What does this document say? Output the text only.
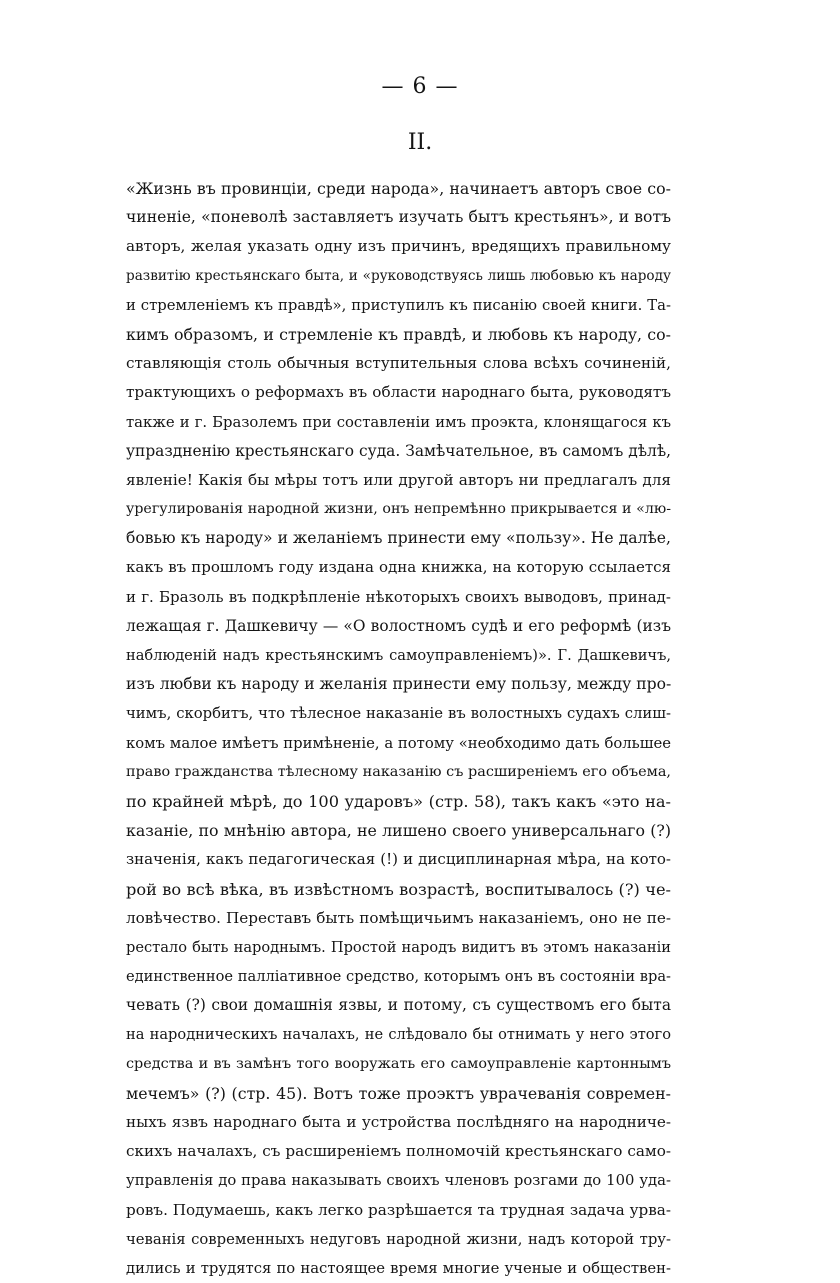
— 6 —
II.
«Жизнь въ провинціи, среди народа», начинаетъ авторъ свое со-
чиненіе, «поневолѣ заставляетъ изучать бытъ крестьянъ», и вотъ
авторъ, желая указать одну изъ причинъ, вредящихъ правильному
развитію крестьянскаго быта, и «руководствуясь лишь любовью къ народу
и стремленіемъ къ правдѣ», приступилъ къ писанію своей книги. Та-
кимъ образомъ, и стремленіе къ правдѣ, и любовь къ народу, со-
ставляющія столь обычныя вступительныя слова всѣхъ сочиненій,
трактующихъ о реформахъ въ области народнаго быта, руководятъ
также и г. Бразолемъ при составленіи имъ проэкта, клонящагося къ
упраздненію крестьянскаго суда. Замѣчательное, въ самомъ дѣлѣ,
явленіе! Какія бы мѣры тотъ или другой авторъ ни предлагалъ для
урегулированія народной жизни, онъ непремѣнно прикрывается и «лю-
бовью къ народу» и желаніемъ принести ему «пользу». Не далѣе,
какъ въ прошломъ году издана одна книжка, на которую ссылается
и г. Бразоль въ подкрѣпленіе нѣкоторыхъ своихъ выводовъ, принад-
лежащая г. Дашкевичу — «О волостномъ судѣ и его реформѣ (изъ
наблюденій надъ крестьянскимъ самоуправленіемъ)». Г. Дашкевичъ,
изъ любви къ народу и желанія принести ему пользу, между про-
чимъ, скорбитъ, что тѣлесное наказаніе въ волостныхъ судахъ слиш-
комъ малое имѣетъ примѣненіе, а потому «необходимо дать большее
право гражданства тѣлесному наказанію съ расширеніемъ его объема,
по крайней мѣрѣ, до 100 ударовъ» (стр. 58), такъ какъ «это на-
казаніе, по мнѣнію автора, не лишено своего универсальнаго (?)
значенія, какъ педагогическая (!) и дисциплинарная мѣра, на кото-
рой во всѣ вѣка, въ извѣстномъ возрастѣ, воспитывалось (?) че-
ловѣчество. Переставъ быть помѣщичьимъ наказаніемъ, оно не пе-
рестало быть народнымъ. Простой народъ видитъ въ этомъ наказаніи
единственное палліативное средство, которымъ онъ въ состояніи вра-
чевать (?) свои домашнія язвы, и потому, съ существомъ его быта
на народническихъ началахъ, не слѣдовало бы отнимать у него этого
средства и въ замѣнъ того вооружать его самоуправленіе картоннымъ
мечемъ» (?) (стр. 45). Вотъ тоже проэктъ уврачеванія современ-
ныхъ язвъ народнаго быта и устройства послѣдняго на народниче-
скихъ началахъ, съ расширеніемъ полномочій крестьянскаго само-
управленія до права наказывать своихъ членовъ розгами до 100 уда-
ровъ. Подумаешь, какъ легко разрѣшается та трудная задача урва-
чеванія современныхъ недуговъ народной жизни, надъ которой тру-
дились и трудятся по настоящее время многие ученые и обществен-
